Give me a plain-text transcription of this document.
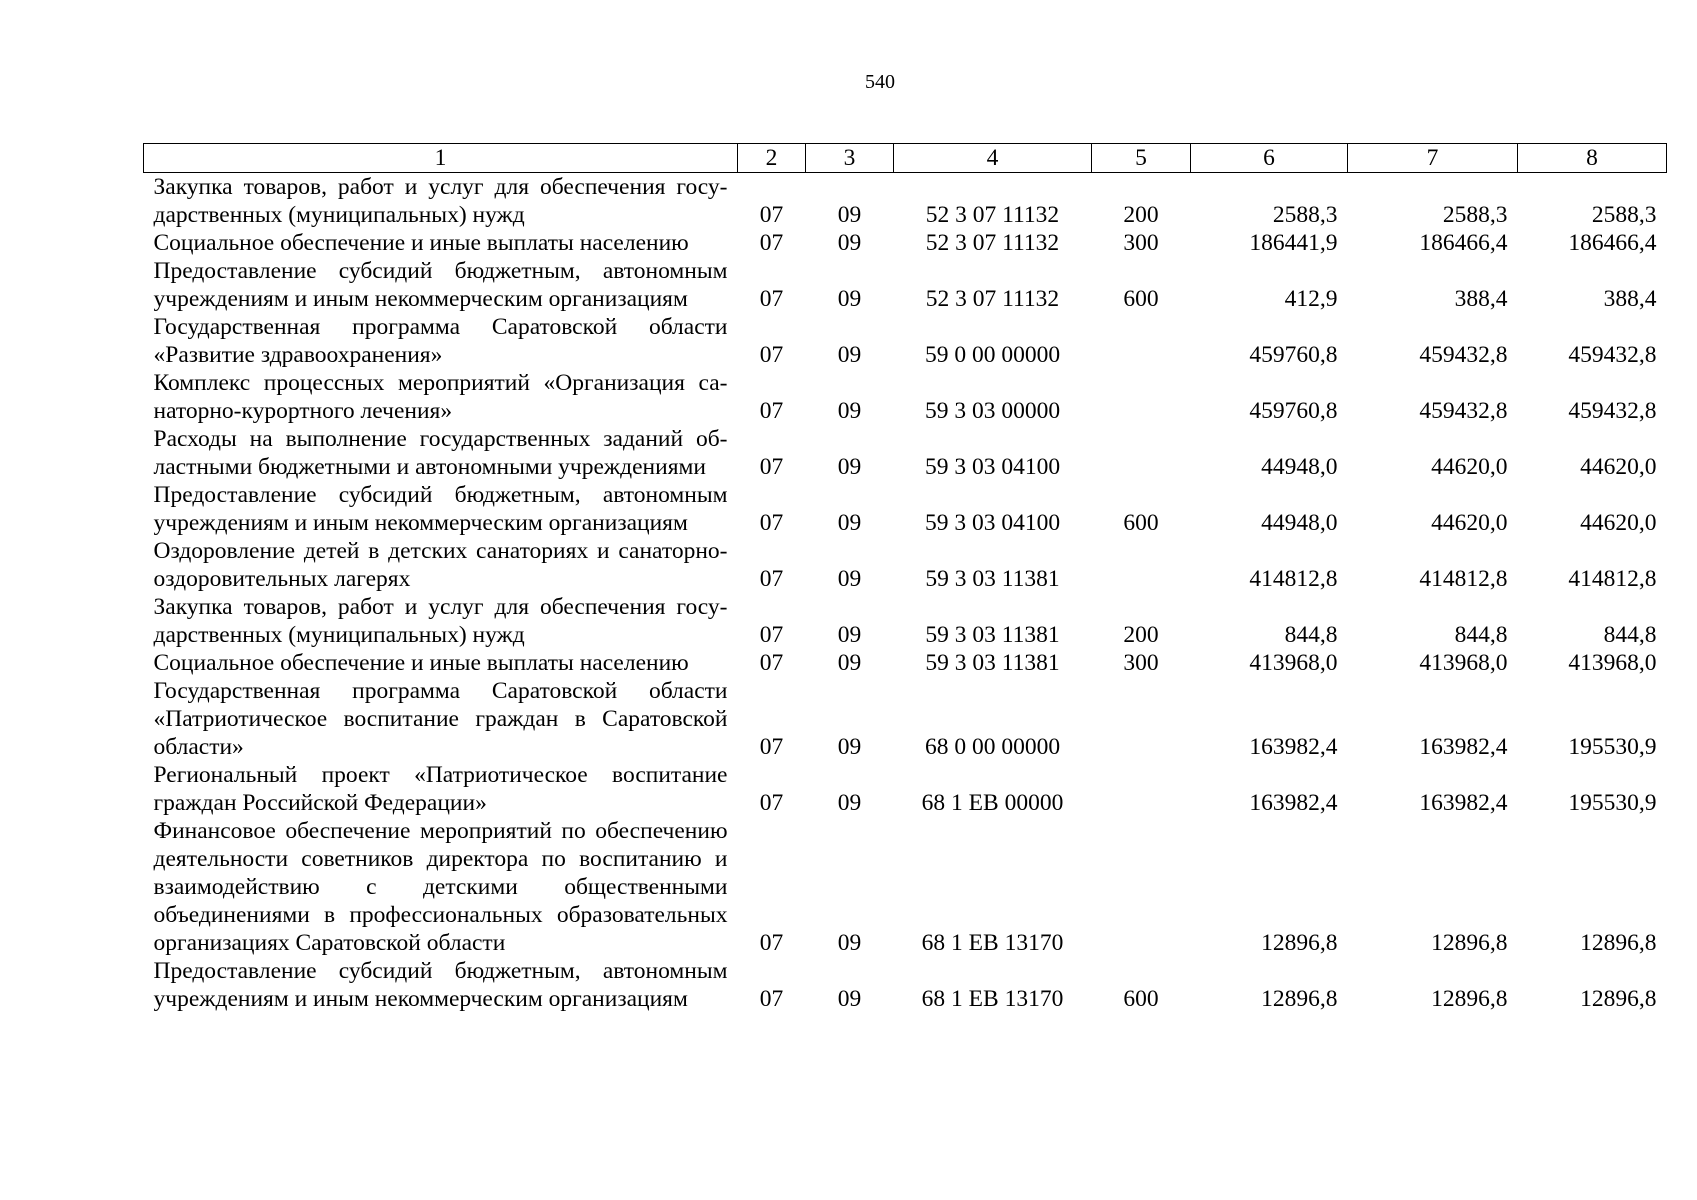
540
1	2	3	4	5	6	7	8
Закупка товаров, работ и услуг для обеспечения государственных (муниципальных) нужд	07	09	52 3 07 11132	200	2588,3	2588,3	2588,3
Социальное обеспечение и иные выплаты населению	07	09	52 3 07 11132	300	186441,9	186466,4	186466,4
Предоставление субсидий бюджетным, автономным учреждениям и иным некоммерческим организациям	07	09	52 3 07 11132	600	412,9	388,4	388,4
Государственная программа Саратовской области «Развитие здравоохранения»	07	09	59 0 00 00000		459760,8	459432,8	459432,8
Комплекс процессных мероприятий «Организация санаторно-курортного лечения»	07	09	59 3 03 00000		459760,8	459432,8	459432,8
Расходы на выполнение государственных заданий областными бюджетными и автономными учреждениями	07	09	59 3 03 04100		44948,0	44620,0	44620,0
Предоставление субсидий бюджетным, автономным учреждениям и иным некоммерческим организациям	07	09	59 3 03 04100	600	44948,0	44620,0	44620,0
Оздоровление детей в детских санаториях и санаторно-оздоровительных лагерях	07	09	59 3 03 11381		414812,8	414812,8	414812,8
Закупка товаров, работ и услуг для обеспечения государственных (муниципальных) нужд	07	09	59 3 03 11381	200	844,8	844,8	844,8
Социальное обеспечение и иные выплаты населению	07	09	59 3 03 11381	300	413968,0	413968,0	413968,0
Государственная программа Саратовской области «Патриотическое воспитание граждан в Саратовской области»	07	09	68 0 00 00000		163982,4	163982,4	195530,9
Региональный проект «Патриотическое воспитание граждан Российской Федерации»	07	09	68 1 ЕВ 00000		163982,4	163982,4	195530,9
Финансовое обеспечение мероприятий по обеспечению деятельности советников директора по воспитанию и взаимодействию с детскими общественными объединениями в профессиональных образовательных организациях Саратовской области	07	09	68 1 ЕВ 13170		12896,8	12896,8	12896,8
Предоставление субсидий бюджетным, автономным учреждениям и иным некоммерческим организациям	07	09	68 1 ЕВ 13170	600	12896,8	12896,8	12896,8
